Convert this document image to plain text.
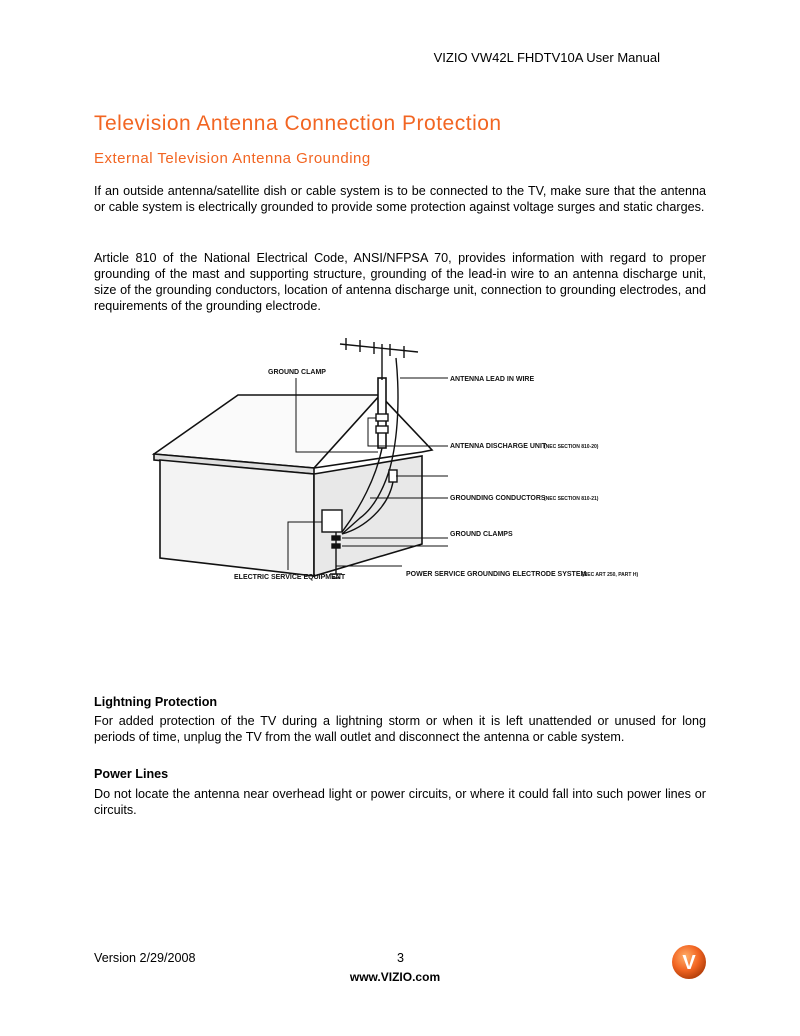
VIZIO VW42L FHDTV10A User Manual
Television Antenna Connection Protection
External Television Antenna Grounding

If an outside antenna/satellite dish or cable system is to be connected to the TV, make sure that the antenna or cable system is electrically grounded to provide some protection against voltage surges and static charges.

Article 810 of the National Electrical Code, ANSI/NFPSA 70, provides information with regard to proper grounding of the mast and supporting structure, grounding of the lead-in wire to an antenna discharge unit, size of the grounding conductors, location of antenna discharge unit, connection to grounding electrodes, and requirements of the grounding electrode.

GROUND CLAMP
ANTENNA LEAD IN WIRE
ANTENNA DISCHARGE UNIT
(NEC SECTION 810-20)
GROUNDING CONDUCTORS
(NEC SECTION 810-21)
GROUND CLAMPS
ELECTRIC SERVICE EQUIPMENT	POWER SERVICE GROUNDING ELECTRODE SYSTEM
(NEC ART 250, PART H)
Lightning Protection

For added protection of the TV during a lightning storm or when it is left unattended or unused for long periods of time, unplug the TV from the wall outlet and disconnect the antenna or cable system.

Power Lines

Do not locate the antenna near overhead light or power circuits, or where it could fall into such power lines or circuits.

Version 2/29/2008	3
www.VIZIO.com
V
